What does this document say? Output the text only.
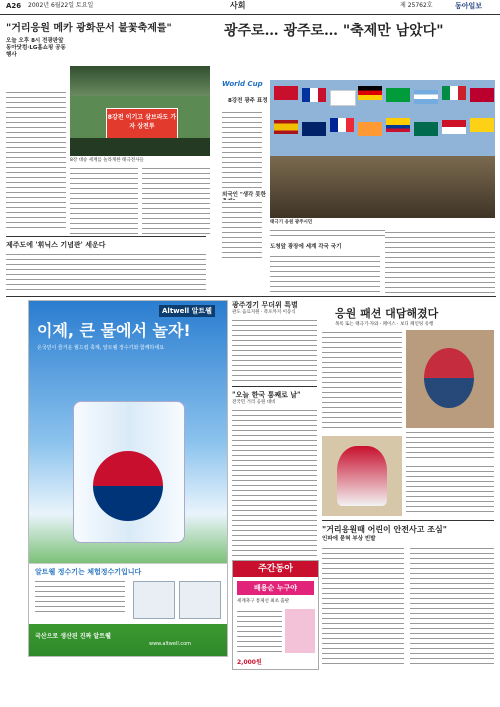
A26 2002년 6월22일 토요일	사회	제 25762호	동아일보
"거리응원 메카 광화문서 불꽃축제를"
오늘 오후 8시 전광판앞 동아닷컴·LG홈쇼핑 공동행사
8강전 이기고 삼브라도 가자 상전투
8강 대승 세계를 놀라게한 태극전사들
제주도에 '휘닉스 기념관' 세운다
광주로… 광주로… "축제만 남았다"
World Cup
8강전 광주 표정
외국인 "생각 못한
태극기 응원 광주시민
도청앞 광장에 세계 각국 국기
Altwell 알트웰
이제, 큰 물에서 놀자!
온국민이 즐거운 월드컵 축제, 알트웰 정수기와 함께하세요
알트웰 정수기는 체험정수기입니다
국산으로 생산된 진짜 알트웰
www.altwell.com
광주경기 무더위 특별
관도 음료지원 · 폭포까지 이동식
"오늘 한국 통째로 날"
전국민 거리 응원 대비
응원 패션 대담해졌다
목록 또는 태극기·자와 · 페이스 · 보디 페인팅 유행
주간동아
배용순 누구야
세계축구 통제선 최초 출판
2,000원
"거리응원때 어린이 안전사고 조심"
인파에 묻혀 부상 빈발
